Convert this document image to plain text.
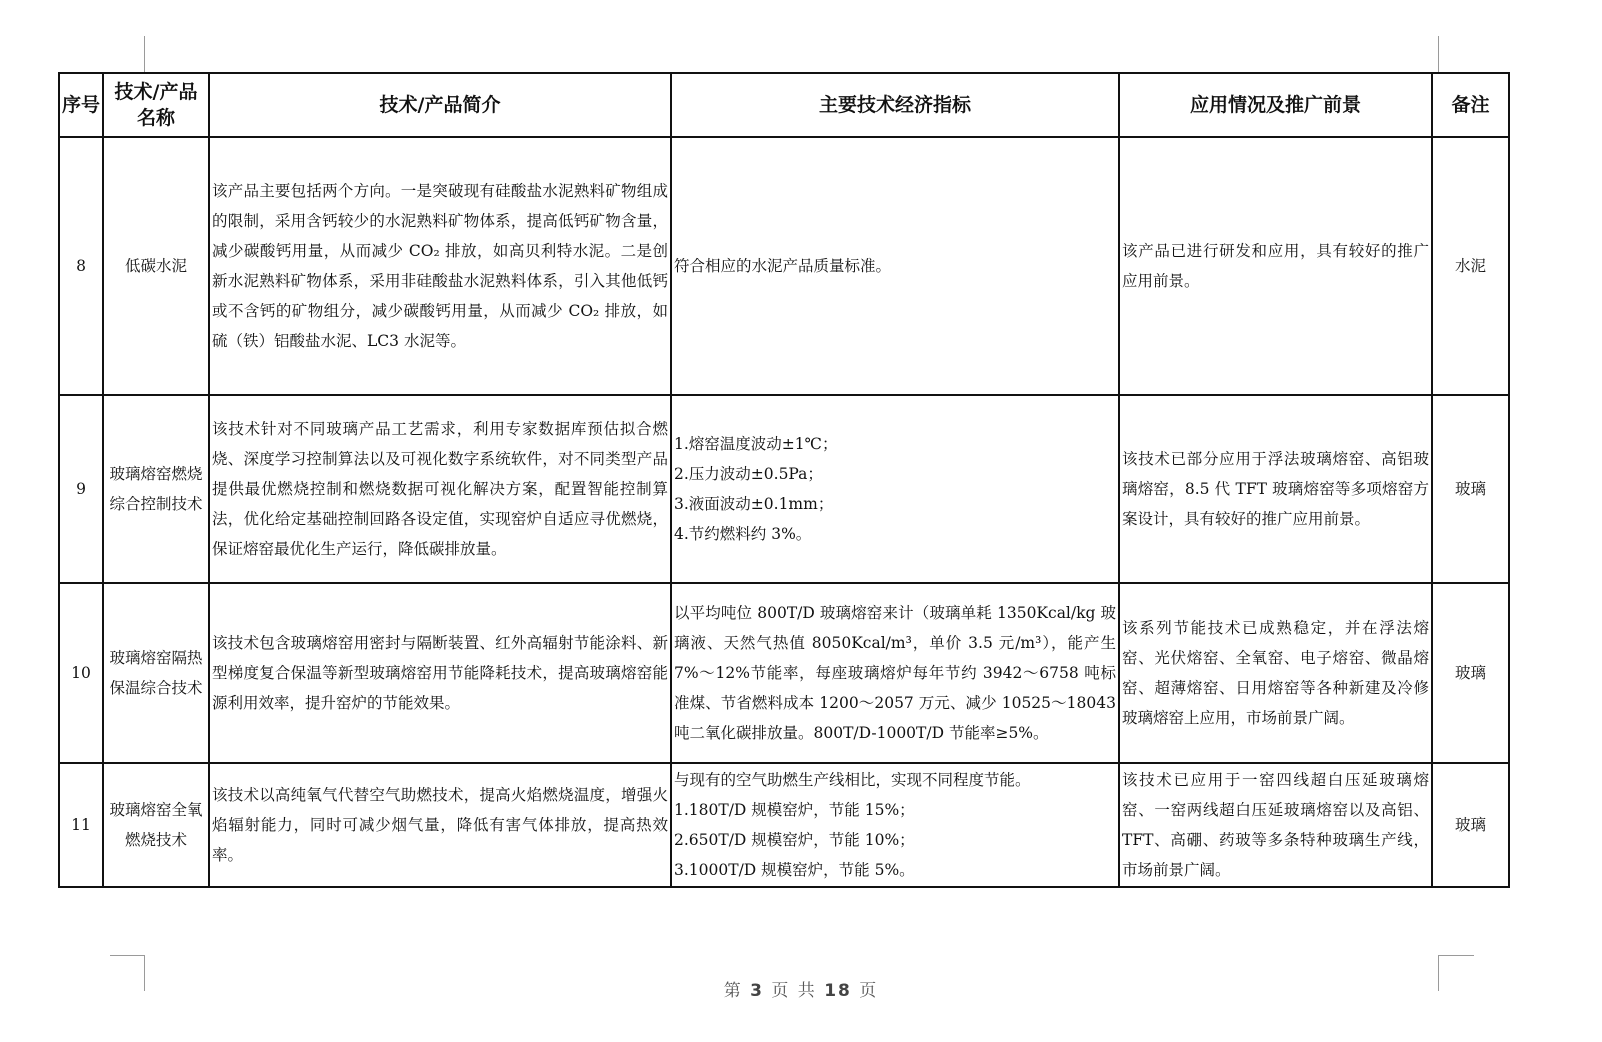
序号	技术/产品名称	技术/产品简介	主要技术经济指标	应用情况及推广前景	备注
8	低碳水泥	该产品主要包括两个方向。一是突破现有硅酸盐水泥熟料矿物组成的限制，采用含钙较少的水泥熟料矿物体系，提高低钙矿物含量，减少碳酸钙用量，从而减少 CO₂ 排放，如高贝利特水泥。二是创新水泥熟料矿物体系，采用非硅酸盐水泥熟料体系，引入其他低钙或不含钙的矿物组分，减少碳酸钙用量，从而减少 CO₂ 排放，如硫（铁）铝酸盐水泥、LC3 水泥等。	符合相应的水泥产品质量标准。	该产品已进行研发和应用，具有较好的推广应用前景。	水泥
9	玻璃熔窑燃烧综合控制技术	该技术针对不同玻璃产品工艺需求，利用专家数据库预估拟合燃烧、深度学习控制算法以及可视化数字系统软件，对不同类型产品提供最优燃烧控制和燃烧数据可视化解决方案，配置智能控制算法，优化给定基础控制回路各设定值，实现窑炉自适应寻优燃烧，保证熔窑最优化生产运行，降低碳排放量。	1.熔窑温度波动±1℃；
2.压力波动±0.5Pa；
3.液面波动±0.1mm；
4.节约燃料约 3%。	该技术已部分应用于浮法玻璃熔窑、高铝玻璃熔窑，8.5 代 TFT 玻璃熔窑等多项熔窑方案设计，具有较好的推广应用前景。	玻璃
10	玻璃熔窑隔热保温综合技术	该技术包含玻璃熔窑用密封与隔断装置、红外高辐射节能涂料、新型梯度复合保温等新型玻璃熔窑用节能降耗技术，提高玻璃熔窑能源利用效率，提升窑炉的节能效果。	以平均吨位 800T/D 玻璃熔窑来计（玻璃单耗 1350Kcal/kg 玻璃液、天然气热值 8050Kcal/m³，单价 3.5 元/m³），能产生 7%～12%节能率，每座玻璃熔炉每年节约 3942～6758 吨标准煤、节省燃料成本 1200～2057 万元、减少 10525～18043 吨二氧化碳排放量。800T/D-1000T/D 节能率≥5%。	该系列节能技术已成熟稳定，并在浮法熔窑、光伏熔窑、全氧窑、电子熔窑、微晶熔窑、超薄熔窑、日用熔窑等各种新建及冷修玻璃熔窑上应用，市场前景广阔。	玻璃
11	玻璃熔窑全氧燃烧技术	该技术以高纯氧气代替空气助燃技术，提高火焰燃烧温度，增强火焰辐射能力，同时可减少烟气量，降低有害气体排放，提高热效率。	与现有的空气助燃生产线相比，实现不同程度节能。
1.180T/D 规模窑炉，节能 15%；
2.650T/D 规模窑炉，节能 10%；
3.1000T/D 规模窑炉，节能 5%。	该技术已应用于一窑四线超白压延玻璃熔窑、一窑两线超白压延玻璃熔窑以及高铝、TFT、高硼、药玻等多条特种玻璃生产线，市场前景广阔。	玻璃
第 3 页 共 18 页
